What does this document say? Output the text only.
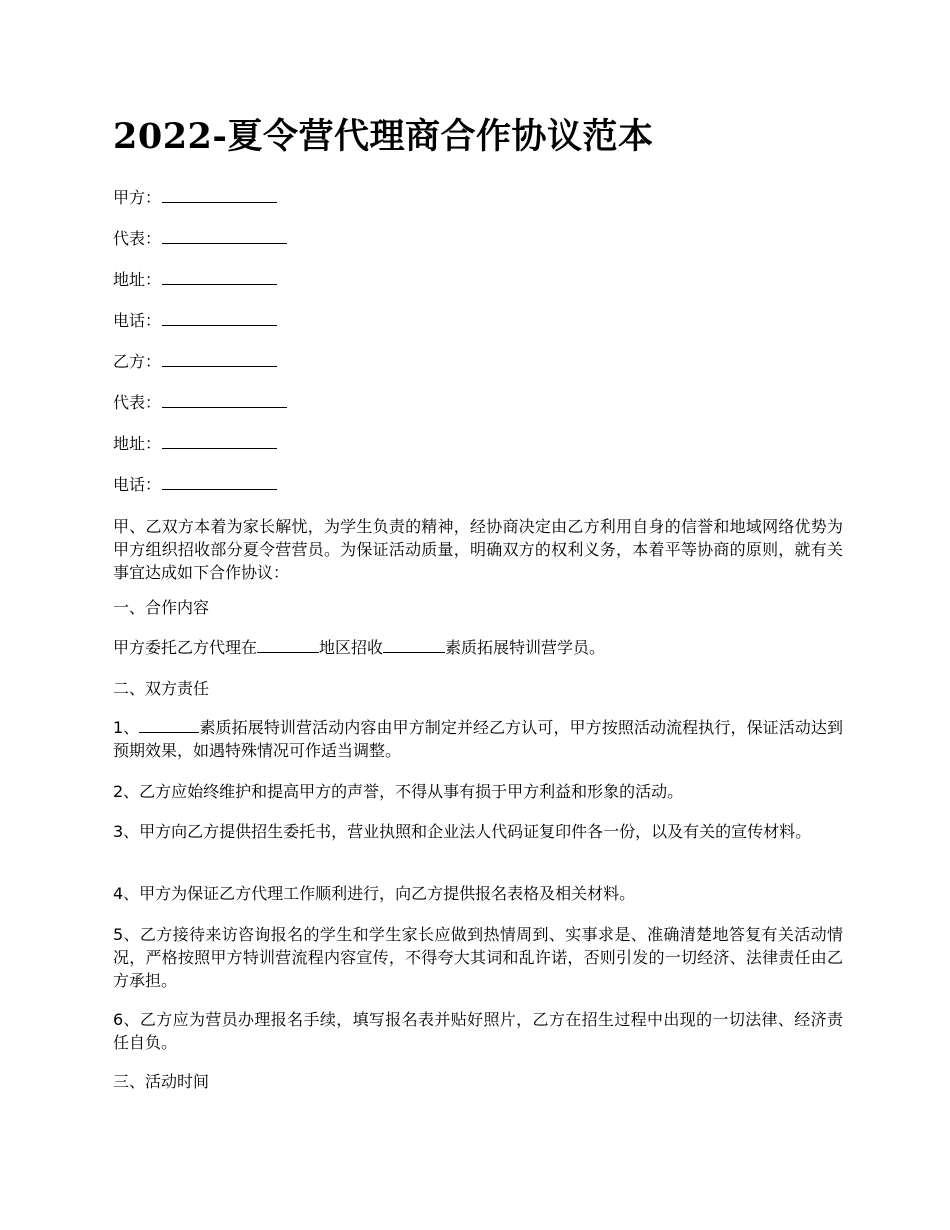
2022-夏令营代理商合作协议范本
甲方：
代表：
地址：
电话：
乙方：
代表：
地址：
电话：

甲、乙双方本着为家长解忧，为学生负责的精神，经协商决定由乙方利用自身的信誉和地域网络优势为甲方组织招收部分夏令营营员。为保证活动质量，明确双方的权利义务，本着平等协商的原则，就有关事宜达成如下合作协议：

一、合作内容

甲方委托乙方代理在	地区招收	素质拓展特训营学员。

二、双方责任

1、	素质拓展特训营活动内容由甲方制定并经乙方认可，甲方按照活动流程执行，保证活动达到预期效果，如遇特殊情况可作适当调整。

2、乙方应始终维护和提高甲方的声誉，不得从事有损于甲方利益和形象的活动。

3、甲方向乙方提供招生委托书，营业执照和企业法人代码证复印件各一份，以及有关的宣传材料。

4、甲方为保证乙方代理工作顺利进行，向乙方提供报名表格及相关材料。

5、乙方接待来访咨询报名的学生和学生家长应做到热情周到、实事求是、准确清楚地答复有关活动情况，严格按照甲方特训营流程内容宣传，不得夸大其词和乱许诺，否则引发的一切经济、法律责任由乙方承担。

6、乙方应为营员办理报名手续，填写报名表并贴好照片，乙方在招生过程中出现的一切法律、经济责任自负。

三、活动时间
